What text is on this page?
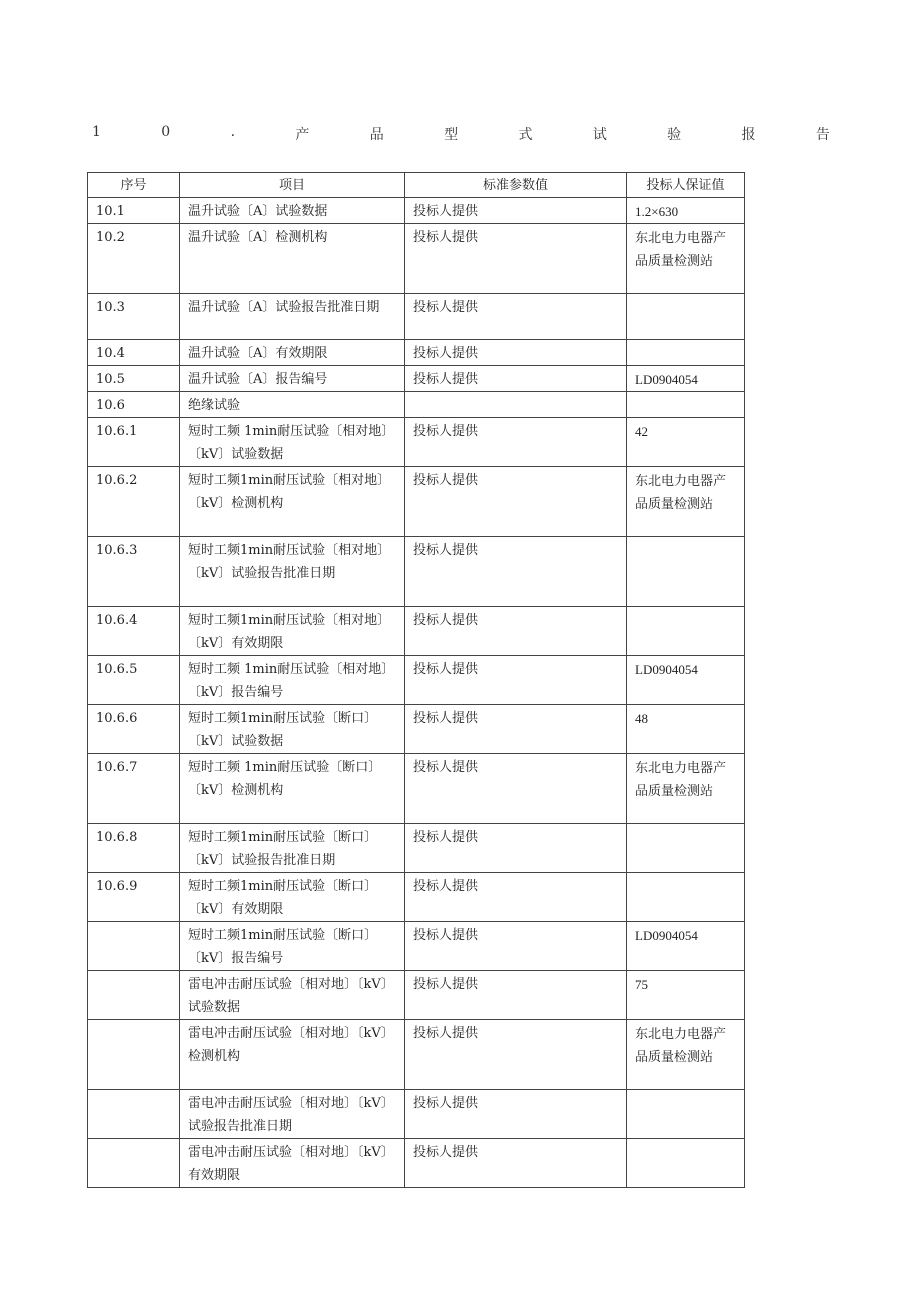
1	0	.	产	品	型	式	试	验	报	告
序号	项目	标准参数值	投标人保证值
10.1	温升试验〔A〕试验数据	投标人提供	1.2×630
10.2	温升试验〔A〕检测机构	投标人提供	东北电力电器产品质量检测站
10.3	温升试验〔A〕试验报告批准日期	投标人提供	
10.4	温升试验〔A〕有效期限	投标人提供	
10.5	温升试验〔A〕报告编号	投标人提供	LD0904054
10.6	绝缘试验		
10.6.1	短时工频 1min耐压试验〔相对地〕〔kV〕试验数据	投标人提供	42
10.6.2	短时工频1min耐压试验〔相对地〕〔kV〕检测机构	投标人提供	东北电力电器产品质量检测站
10.6.3	短时工频1min耐压试验〔相对地〕〔kV〕试验报告批准日期	投标人提供	
10.6.4	短时工频1min耐压试验〔相对地〕〔kV〕有效期限	投标人提供	
10.6.5	短时工频 1min耐压试验〔相对地〕〔kV〕报告编号	投标人提供	LD0904054
10.6.6	短时工频1min耐压试验〔断口〕〔kV〕试验数据	投标人提供	48
10.6.7	短时工频 1min耐压试验〔断口〕〔kV〕检测机构	投标人提供	东北电力电器产品质量检测站
10.6.8	短时工频1min耐压试验〔断口〕〔kV〕试验报告批准日期	投标人提供	
10.6.9	短时工频1min耐压试验〔断口〕〔kV〕有效期限	投标人提供	
	短时工频1min耐压试验〔断口〕〔kV〕报告编号	投标人提供	LD0904054
	雷电冲击耐压试验〔相对地〕〔kV〕试验数据	投标人提供	75
	雷电冲击耐压试验〔相对地〕〔kV〕检测机构	投标人提供	东北电力电器产品质量检测站
	雷电冲击耐压试验〔相对地〕〔kV〕试验报告批准日期	投标人提供	
	雷电冲击耐压试验〔相对地〕〔kV〕有效期限	投标人提供	
